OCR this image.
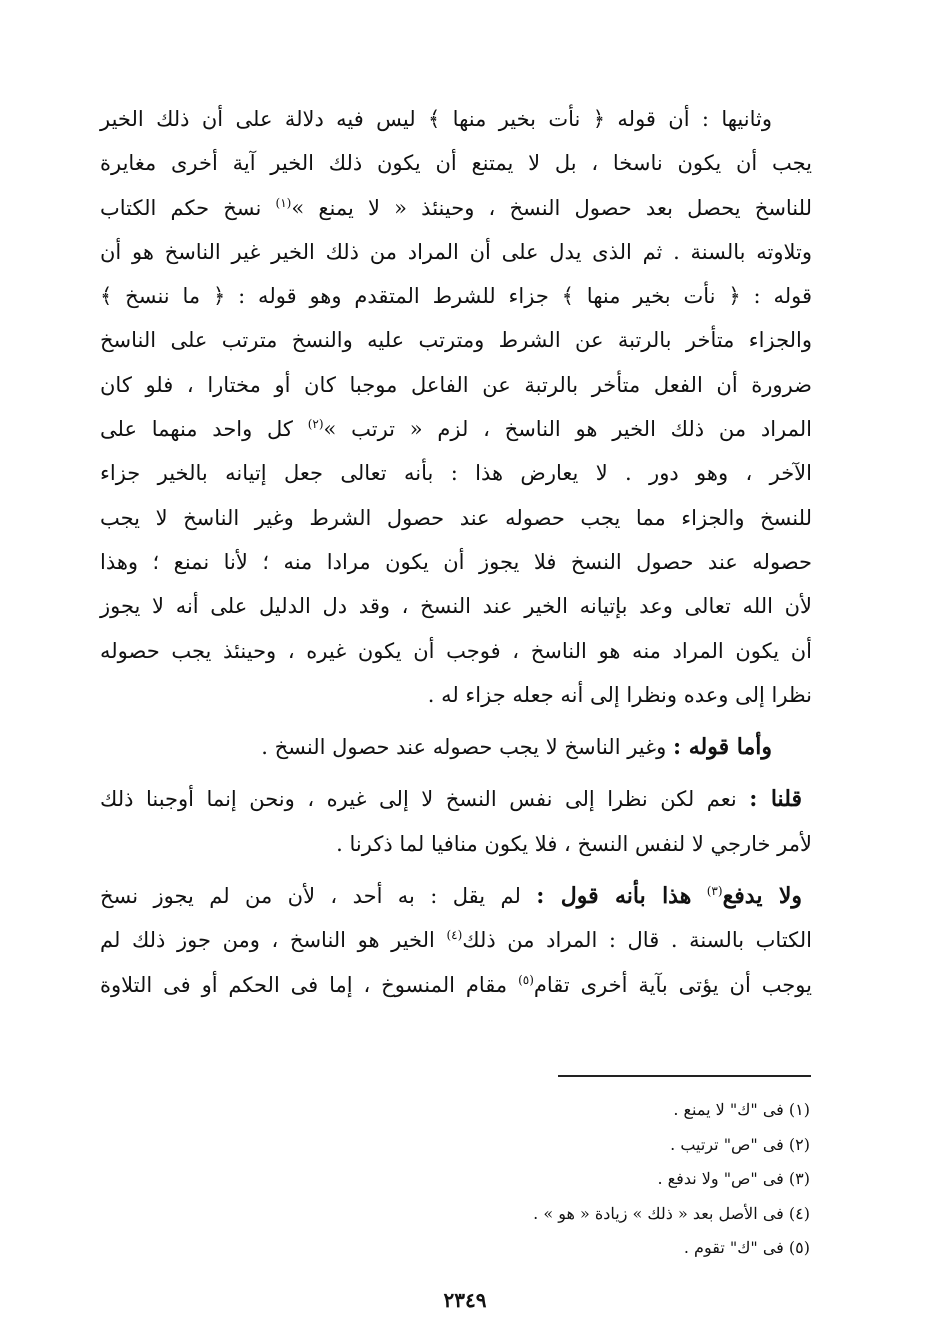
وثانيها : أن قوله ﴿ نأت بخير منها ﴾ ليس فيه دلالة على أن ذلك الخير
يجب أن يكون ناسخا ، بل لا يمتنع أن يكون ذلك الخير آية أخرى مغايرة
للناسخ يحصل بعد حصول النسخ ، وحينئذ « لا يمنع »$^{(١)}$ نسخ حكم الكتاب
وتلاوته بالسنة . ثم الذى يدل على أن المراد من ذلك الخير غير الناسخ هو أن
قوله : ﴿ نأت بخير منها ﴾ جزاء للشرط المتقدم وهو قوله : ﴿ ما ننسخ ﴾
والجزاء متأخر بالرتبة عن الشرط ومترتب عليه والنسخ مترتب على الناسخ
ضرورة أن الفعل متأخر بالرتبة عن الفاعل موجبا كان أو مختارا ، فلو كان
المراد من ذلك الخير هو الناسخ ، لزم « ترتب »$^{(٢)}$ كل واحد منهما على
الآخر ، وهو دور . لا يعارض هذا : بأنه تعالى جعل إتيانه بالخير جزاء
للنسخ والجزاء مما يجب حصوله عند حصول الشرط وغير الناسخ لا يجب
حصوله عند حصول النسخ فلا يجوز أن يكون مرادا منه ؛ لأنا نمنع ؛ وهذا
لأن الله تعالى وعد بإتيانه الخير عند النسخ ، وقد دل الدليل على أنه لا يجوز
أن يكون المراد منه هو الناسخ ، فوجب أن يكون غيره ، وحينئذ يجب حصوله
نظرا إلى وعده ونظرا إلى أنه جعله جزاء له .
وأما قوله : وغير الناسخ لا يجب حصوله عند حصول النسخ .
قلنا : نعم لكن نظرا إلى نفس النسخ لا إلى غيره ، ونحن إنما أوجبنا ذلك
لأمر خارجي لا لنفس النسخ ، فلا يكون منافيا لما ذكرنا .
ولا يدفع$^{(٣)}$ هذا بأنه قول : لم يقل : به أحد ، لأن من لم يجوز نسخ
الكتاب بالسنة . قال : المراد من ذلك$^{(٤)}$ الخير هو الناسخ ، ومن جوز ذلك لم
يوجب أن يؤتى بآية أخرى تقام$^{(٥)}$ مقام المنسوخ ، إما فى الحكم أو فى التلاوة
(١) فى "ك" لا يمنع .
(٢) فى "ص" ترتيب .
(٣) فى "ص" ولا ندفع .
(٤) فى الأصل بعد « ذلك » زيادة « هو » .
(٥) فى "ك" تقوم .
٢٣٤٩
